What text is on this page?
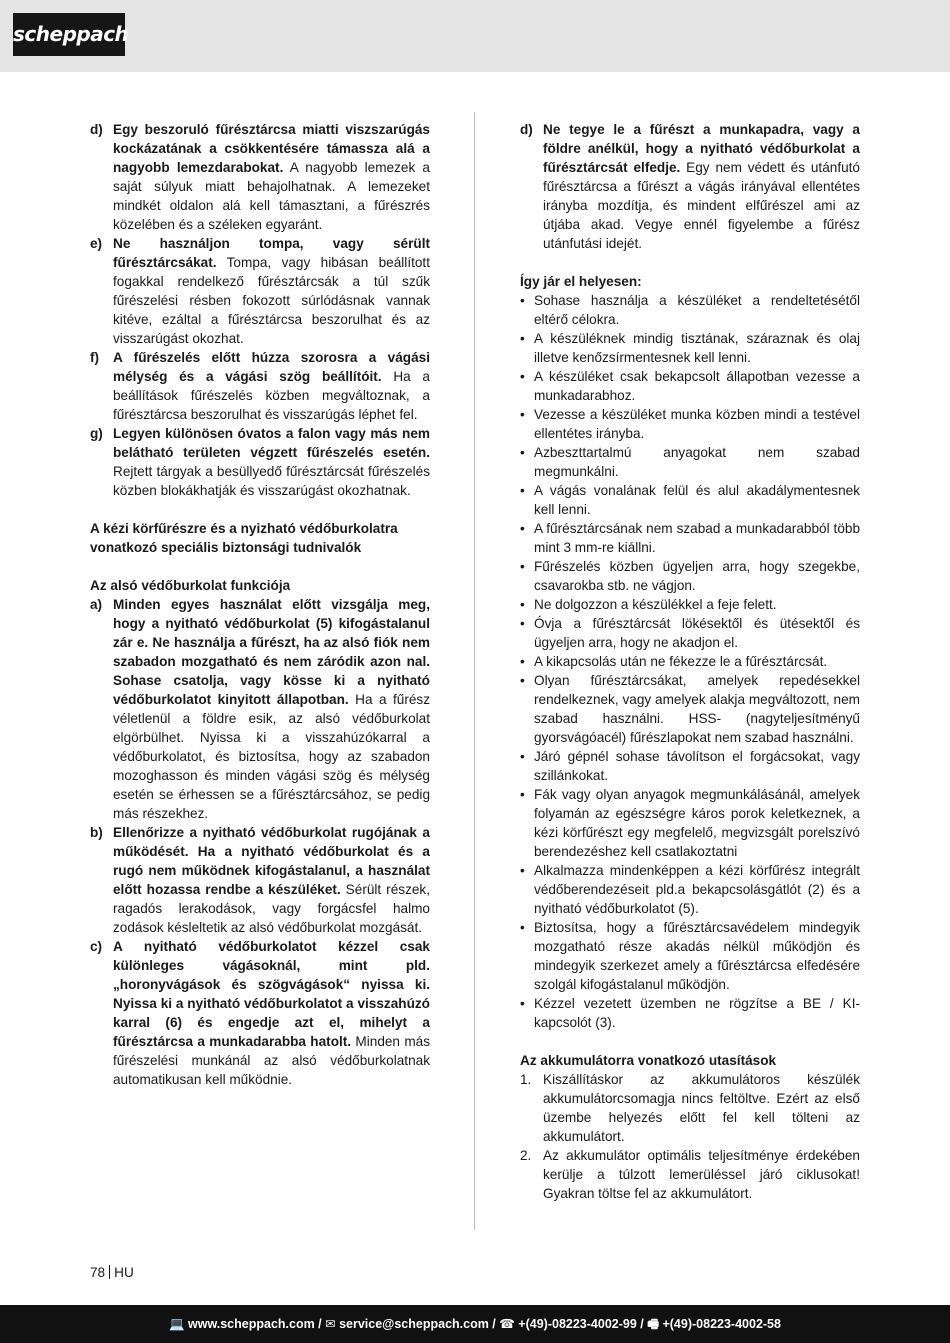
scheppach
d) Egy beszoruló fűrésztárcsa miatti viszszarúgás kockázatának a csökkentésére támassza alá a nagyobb lemezdarabokat. A nagyobb lemezek a saját súlyuk miatt behajolhatnak. A lemezeket mindkét oldalon alá kell támasztani, a fűrészrés közelében és a széleken egyaránt.
e) Ne használjon tompa, vagy sérült fűrésztárcsákat. Tompa, vagy hibásan beállított fogakkal rendelkező fűrésztárcsák a túl szűk fűrészelési résben fokozott súrlódásnak vannak kitéve, ezáltal a fűrésztárcsa beszorulhat és az visszarúgást okozhat.
f) A fűrészelés előtt húzza szorosra a vágási mélység és a vágási szög beállítóit. Ha a beállítások fűrészelés közben megváltoznak, a fűrésztárcsa beszorulhat és visszarúgás léphet fel.
g) Legyen különösen óvatos a falon vagy más nem belátható területen végzett fűrészelés esetén. Rejtett tárgyak a besüllyedő fűrésztárcsát fűrészelés közben blokákhatják és visszarúgást okozhatnak.
A kézi körfűrészre és a nyizható védőburkolatra vonatkozó speciális biztonsági tudnivalók
Az alsó védőburkolat funkciója
a) Minden egyes használat előtt vizsgálja meg, hogy a nyitható védőburkolat (5) kifogástalanul zár e. Ne használja a fűrészt, ha az alsó fiók nem szabadon mozgatható és nem záródik azon nal. Sohase csatolja, vagy kösse ki a nyitható védőburkolatot kinyitott állapotban. Ha a fűrész véletlenül a földre esik, az alsó védőburkolat elgörbülhet. Nyissa ki a visszahúzókarral a védőburkolatot, és biztosítsa, hogy az szabadon mozoghasson és minden vágási szög és mélység esetén se érhessen se a fűrésztárcsához, se pedig más részekhez.
b) Ellenőrizze a nyitható védőburkolat rugójának a működését. Ha a nyitható védőburkolat és a rugó nem működnek kifogástalanul, a használat előtt hozassa rendbe a készüléket. Sérült részek, ragadós lerakodások, vagy forgácsfel halmo zodások késleltetik az alsó védőburkolat mozgását.
c) A nyitható védőburkolatot kézzel csak különleges vágásoknál, mint pld. „horonyvágások és szögvágások“ nyissa ki. Nyissa ki a nyitható védőburkolatot a visszahúzó karral (6) és engedje azt el, mihelyt a fűrésztárcsa a munkadarabba hatolt. Minden más fűrészelési munkánál az alsó védőburkolatnak automatikusan kell működnie.
d) Ne tegye le a fűrészt a munkapadra, vagy a földre anélkül, hogy a nyitható védőburkolat a fűrésztárcsát elfedje. Egy nem védett és utánfutó fűrésztárcsa a fűrészt a vágás irányával ellentétes irányba mozdítja, és mindent elfűrészel ami az útjába akad. Vegye ennél figyelembe a fűrész utánfutási idejét.
Így jár el helyesen:
• Sohase használja a készüléket a rendeltetésétől eltérő célokra.
• A készüléknek mindig tisztának, száraznak és olaj illetve kenőzsírmentesnek kell lenni.
• A készüléket csak bekapcsolt állapotban vezesse a munkadarabhoz.
• Vezesse a készüléket munka közben mindi a testével ellentétes irányba.
• Azbeszttartalmú anyagokat nem szabad megmunkálni.
• A vágás vonalának felül és alul akadálymentesnek kell lenni.
• A fűrésztárcsának nem szabad a munkadarabból több mint 3 mm-re kiállni.
• Fűrészelés közben ügyeljen arra, hogy szegekbe, csavarokba stb. ne vágjon.
• Ne dolgozzon a készülékkel a feje felett.
• Óvja a fűrésztárcsát lökésektől és ütésektől és ügyeljen arra, hogy ne akadjon el.
• A kikapcsolás után ne fékezze le a fűrésztárcsát.
• Olyan fűrésztárcsákat, amelyek repedésekkel rendelkeznek, vagy amelyek alakja megváltozott, nem szabad használni. HSS- (nagyteljesítményű gyorsvágóacél) fűrészlapokat nem szabad használni.
• Járó gépnél sohase távolítson el forgácsokat, vagy szillánkokat.
• Fák vagy olyan anyagok megmunkálásánál, amelyek folyamán az egészségre káros porok keletkeznek, a kézi körfűrészt egy megfelelő, megvizsgált porelszívó berendezéshez kell csatlakoztatni
• Alkalmazza mindenképpen a kézi körfűrész integrált védőberendezéseit pld.a bekapcsolásgátlót (2) és a nyitható védőburkolatot (5).
• Biztosítsa, hogy a fűrésztárcsavédelem mindegyik mozgatható része akadás nélkül működjön és mindegyik szerkezet amely a fűrésztárcsa elfedésére szolgál kifogástalanul működjön.
• Kézzel vezetett üzemben ne rögzítse a BE / KI-kapcsolót (3).
Az akkumulátorra vonatkozó utasítások
1. Kiszállításkor az akkumulátoros készülék akkumulátorcsomagja nincs feltöltve. Ezért az első üzembe helyezés előtt fel kell tölteni az akkumulátort.
2. Az akkumulátor optimális teljesítménye érdekében kerülje a túlzott lemerüléssel járó ciklusokat! Gyakran töltse fel az akkumulátort.
78 HU
💻 www.scheppach.com / ✉ service@scheppach.com / ☎ +(49)-08223-4002-99 / 🖷 +(49)-08223-4002-58
